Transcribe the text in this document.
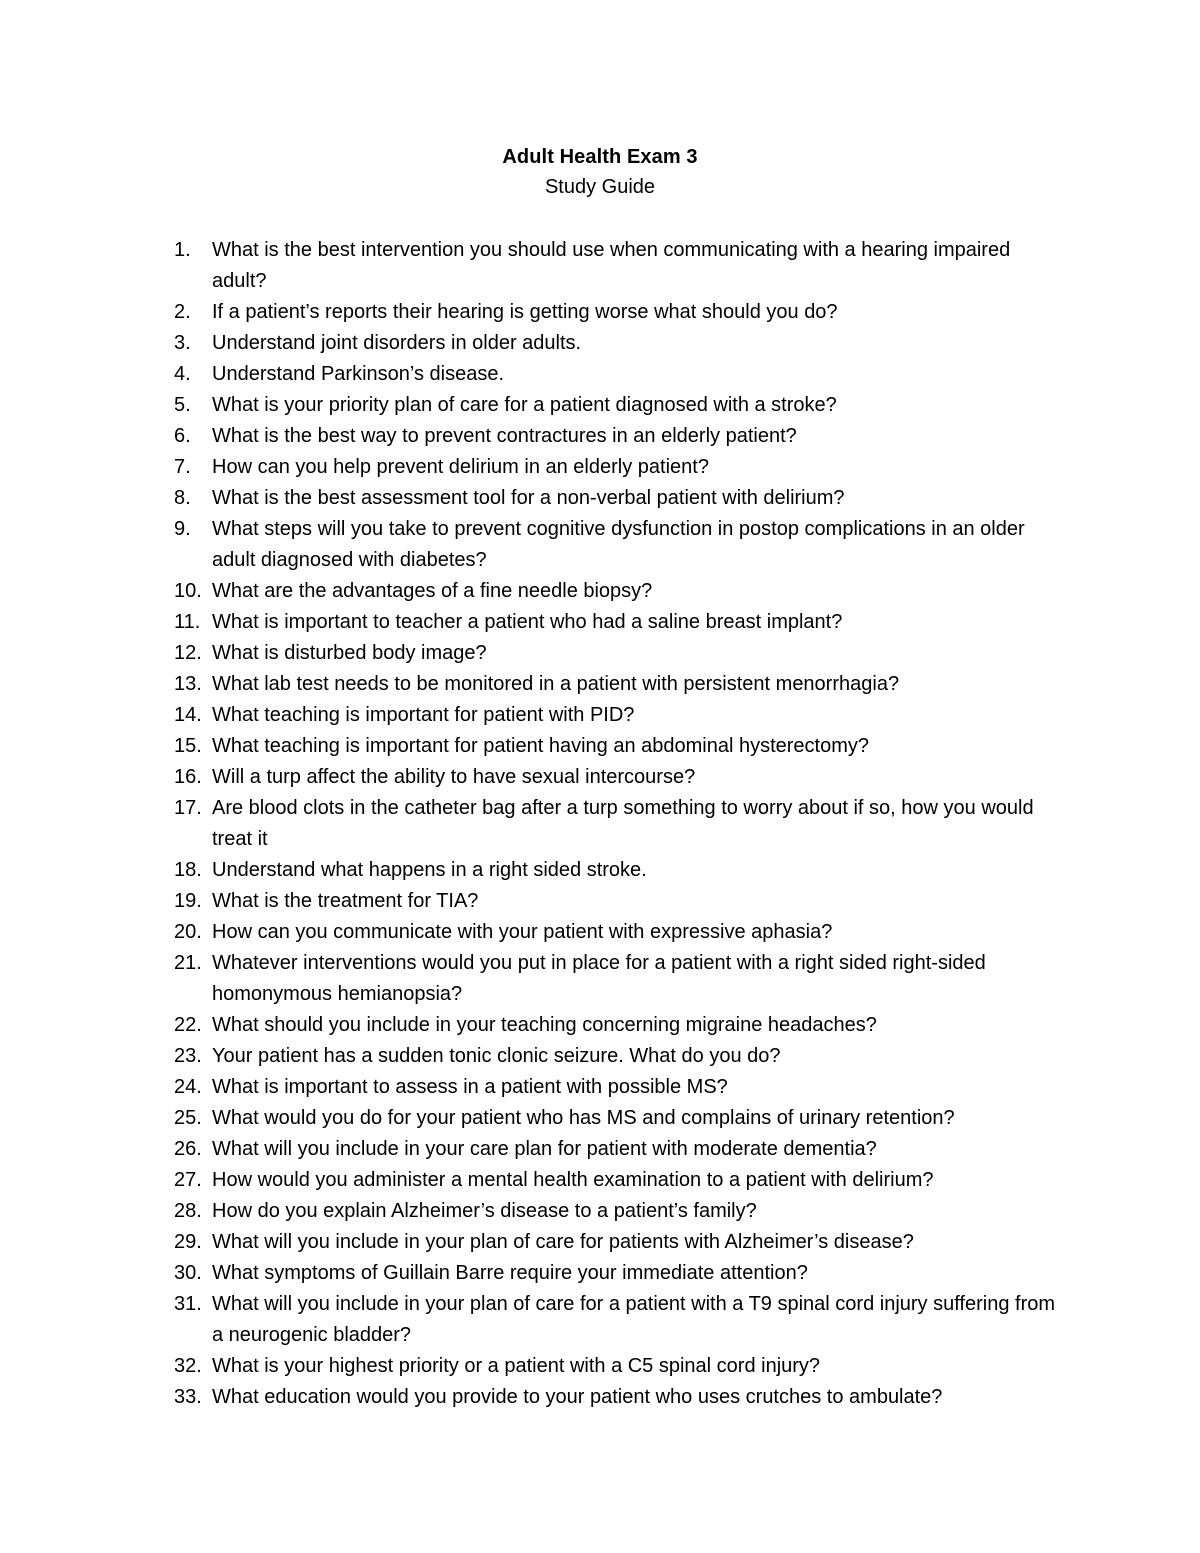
Adult Health Exam 3
Study Guide
1.	What is the best intervention you should use when communicating with a hearing impaired adult?
2.	If a patient’s reports their hearing is getting worse what should you do?
3.	Understand joint disorders in older adults.
4.	Understand Parkinson’s disease.
5.	What is your priority plan of care for a patient diagnosed with a stroke?
6.	What is the best way to prevent contractures in an elderly patient?
7.	How can you help prevent delirium in an elderly patient?
8.	What is the best assessment tool for a non-verbal patient with delirium?
9.	What steps will you take to prevent cognitive dysfunction in postop complications in an older adult diagnosed with diabetes?
10. What are the advantages of a fine needle biopsy?
11. What is important to teacher a patient who had a saline breast implant?
12. What is disturbed body image?
13. What lab test needs to be monitored in a patient with persistent menorrhagia?
14. What teaching is important for patient with PID?
15. What teaching is important for patient having an abdominal hysterectomy?
16. Will a turp affect the ability to have sexual intercourse?
17. Are blood clots in the catheter bag after a turp something to worry about if so, how you would treat it
18. Understand what happens in a right sided stroke.
19. What is the treatment for TIA?
20. How can you communicate with your patient with expressive aphasia?
21. Whatever interventions would you put in place for a patient with a right sided right-sided homonymous hemianopsia?
22. What should you include in your teaching concerning migraine headaches?
23. Your patient has a sudden tonic clonic seizure. What do you do?
24. What is important to assess in a patient with possible MS?
25. What would you do for your patient who has MS and complains of urinary retention?
26. What will you include in your care plan for patient with moderate dementia?
27. How would you administer a mental health examination to a patient with delirium?
28. How do you explain Alzheimer’s disease to a patient’s family?
29. What will you include in your plan of care for patients with Alzheimer’s disease?
30. What symptoms of Guillain Barre require your immediate attention?
31. What will you include in your plan of care for a patient with a T9 spinal cord injury suffering from a neurogenic bladder?
32. What is your highest priority or a patient with a C5 spinal cord injury?
33. What education would you provide to your patient who uses crutches to ambulate?
